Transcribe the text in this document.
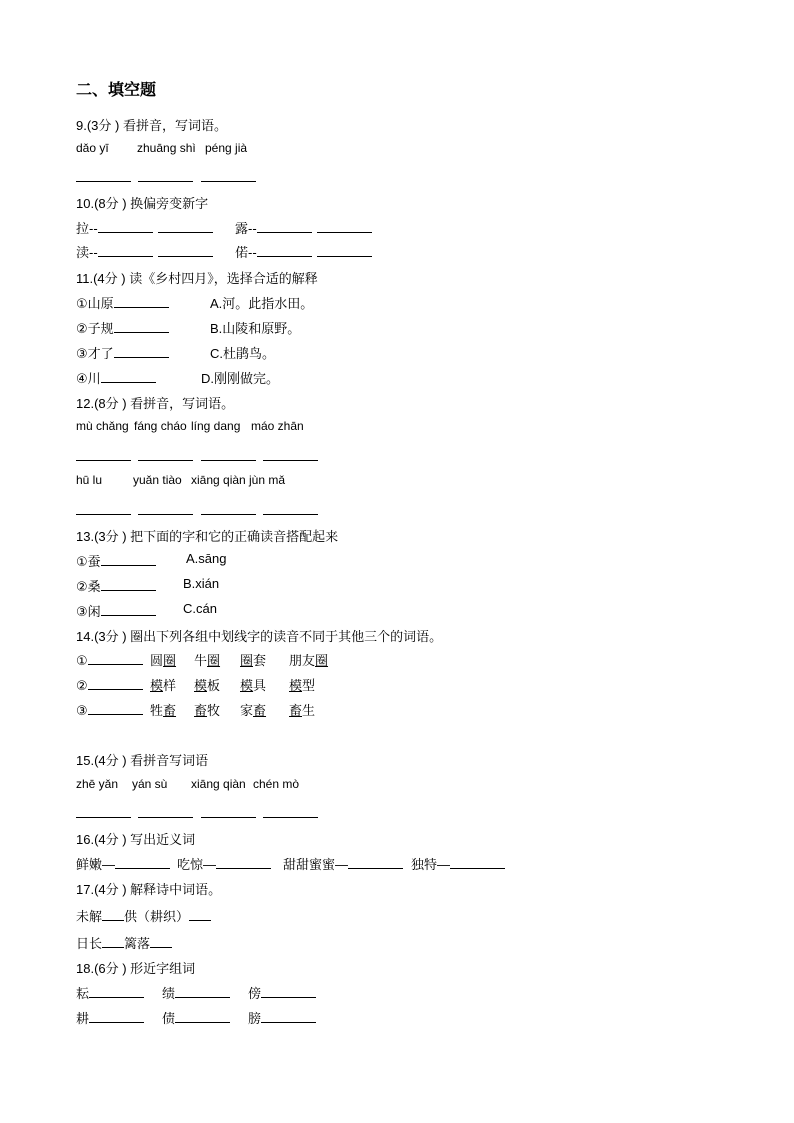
二、填空题
9.(3分 ) 看拼音，写词语。
dǎo yī zhuāng shì péng jià

10.(8分 ) 换偏旁变新字
拉--	露--
渎--	偌--
11.(4分 ) 读《乡村四月》，选择合适的解释
①山原	A.河。此指水田。
②子规	B.山陵和原野。
③才了	C.杜鹃鸟。
④川	D.刚刚做完。
12.(8分 ) 看拼音，写词语。
mù chǎng fáng cháo líng dang máo zhān

hū lu	yuǎn tiào xiāng qiàn jùn mǎ

13.(3分 ) 把下面的字和它的正确读音搭配起来
①蚕	A.sāng
②桑	B.xián
③闲	C.cán
14.(3分 ) 圈出下列各组中划线字的读音不同于其他三个的词语。
①	圆圈 牛圈 圈套 朋友圈
②	模样 模板 模具 模型
③	牲畜 畜牧 家畜 畜生
15.(4分 ) 看拼音写词语
zhē yǎn yán sù xiāng qiàn chén mò

16.(4分 ) 写出近义词
鲜嫩—	吃惊—	甜甜蜜蜜—	独特—
17.(4分 ) 解释诗中词语。
未解 供（耕织）
日长 篱落
18.(6分 ) 形近字组词
耘	绩	傍
耕	债	膀
